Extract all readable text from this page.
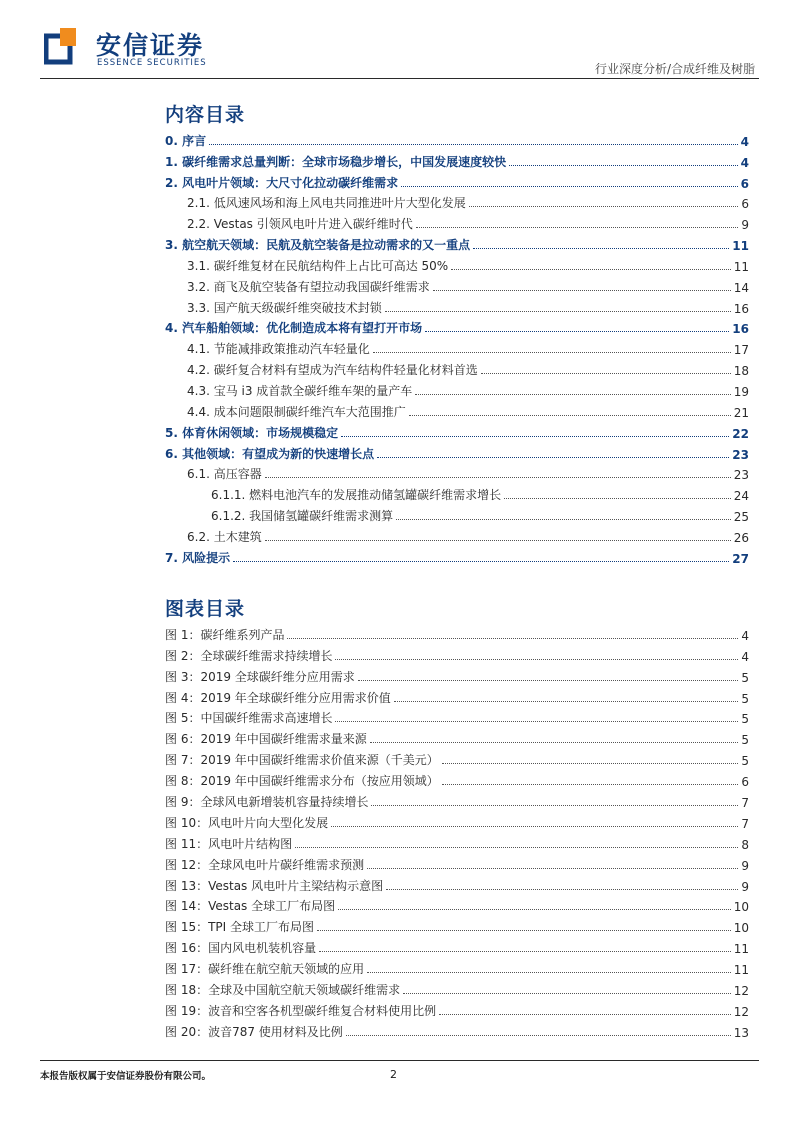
安信证券
ESSENCE SECURITIES	行业深度分析/合成纤维及树脂
内容目录
0. 序言	4
1. 碳纤维需求总量判断：全球市场稳步增长，中国发展速度较快	4
2. 风电叶片领域：大尺寸化拉动碳纤维需求	6
2.1. 低风速风场和海上风电共同推进叶片大型化发展	6
2.2. Vestas 引领风电叶片进入碳纤维时代	9
3. 航空航天领域：民航及航空装备是拉动需求的又一重点	11
3.1. 碳纤维复材在民航结构件上占比可高达 50%	11
3.2. 商飞及航空装备有望拉动我国碳纤维需求	14
3.3. 国产航天级碳纤维突破技术封锁	16
4. 汽车船舶领域：优化制造成本将有望打开市场	16
4.1. 节能减排政策推动汽车轻量化	17
4.2. 碳纤复合材料有望成为汽车结构件轻量化材料首选	18
4.3. 宝马 i3 成首款全碳纤维车架的量产车	19
4.4. 成本问题限制碳纤维汽车大范围推广	21
5. 体育休闲领域：市场规模稳定	22
6. 其他领域：有望成为新的快速增长点	23
6.1. 高压容器	23
6.1.1. 燃料电池汽车的发展推动储氢罐碳纤维需求增长	24
6.1.2. 我国储氢罐碳纤维需求测算	25
6.2. 土木建筑	26
7. 风险提示	27
图表目录
图 1：碳纤维系列产品	4
图 2：全球碳纤维需求持续增长	4
图 3：2019 全球碳纤维分应用需求	5
图 4：2019 年全球碳纤维分应用需求价值	5
图 5：中国碳纤维需求高速增长	5
图 6：2019 年中国碳纤维需求量来源	5
图 7：2019 年中国碳纤维需求价值来源（千美元）	5
图 8：2019 年中国碳纤维需求分布（按应用领域）	6
图 9：全球风电新增装机容量持续增长	7
图 10：风电叶片向大型化发展	7
图 11：风电叶片结构图	8
图 12：全球风电叶片碳纤维需求预测	9
图 13：Vestas 风电叶片主梁结构示意图	9
图 14：Vestas 全球工厂布局图	10
图 15：TPI 全球工厂布局图	10
图 16：国内风电机装机容量	11
图 17：碳纤维在航空航天领域的应用	11
图 18：全球及中国航空航天领域碳纤维需求	12
图 19：波音和空客各机型碳纤维复合材料使用比例	12
图 20：波音787 使用材料及比例	13
本报告版权属于安信证券股份有限公司。	2
